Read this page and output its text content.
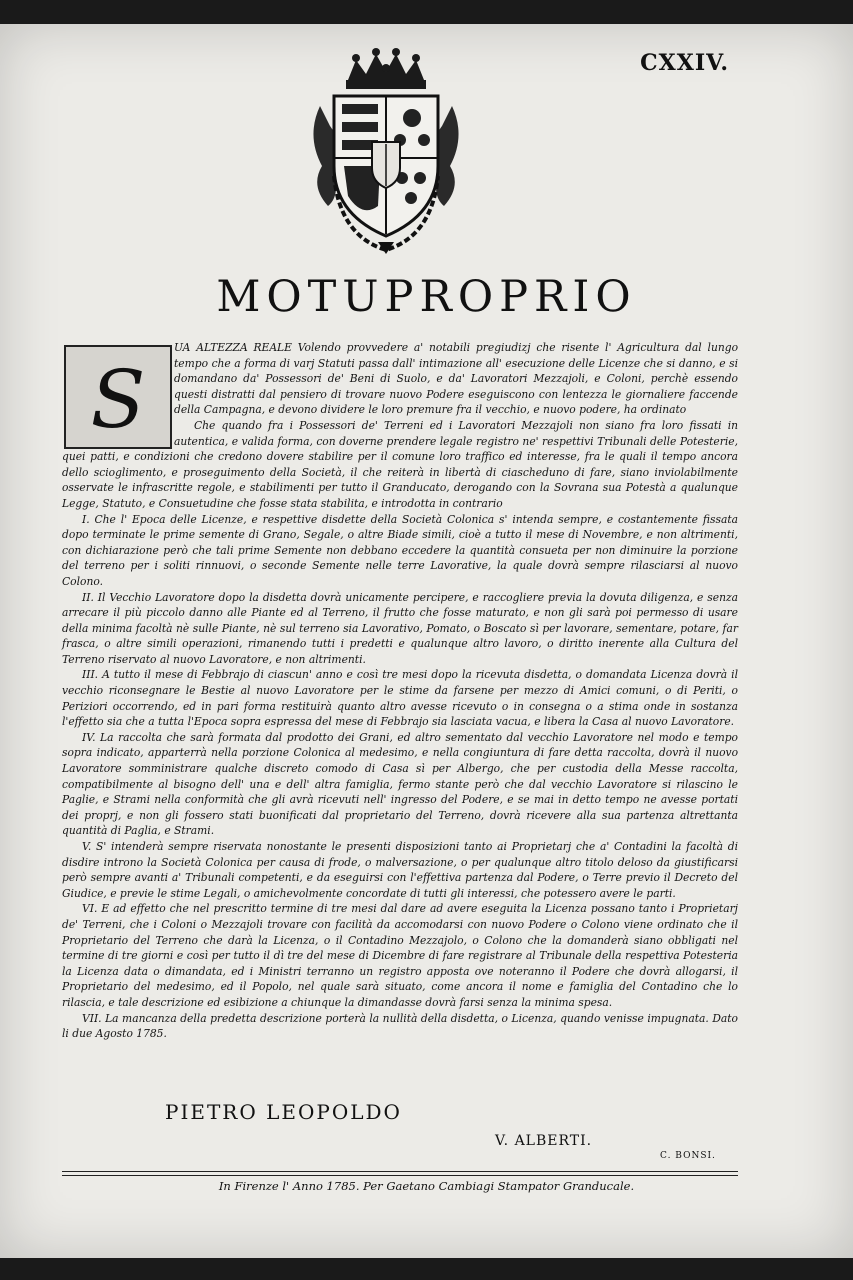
CXXIV.
MOTUPROPRIO
S

UA ALTEZZA REALE Volendo provvedere a' notabili pregiudizj che risente l' Agricultura dal lungo tempo che a forma di varj Statuti passa dall' intimazione all' esecuzione delle Licenze che si danno, e si domandano da' Possessori de' Beni di Suolo, e da' Lavoratori Mezzajoli, e Coloni, perchè essendo questi distratti dal pensiero di trovare nuovo Podere eseguiscono con lentezza le giornaliere faccende della Campagna, e devono dividere le loro premure fra il vecchio, e nuovo podere, ha ordinato

Che quando fra i Possessori de' Terreni ed i Lavoratori Mezzajoli non siano fra loro fissati in autentica, e valida forma, con doverne prendere legale registro ne' respettivi Tribunali delle Potesterie, quei patti, e condizioni che credono dovere stabilire per il comune loro traffico ed interesse, fra le quali il tempo ancora dello scioglimento, e proseguimento della Società, il che reiterà in libertà di ciascheduno di fare, siano inviolabilmente osservate le infrascritte regole, e stabilimenti per tutto il Granducato, derogando con la Sovrana sua Potestà a qualunque Legge, Statuto, e Consuetudine che fosse stata stabilita, e introdotta in contrario

I. Che l' Epoca delle Licenze, e respettive disdette della Società Colonica s' intenda sempre, e costantemente fissata dopo terminate le prime semente di Grano, Segale, o altre Biade simili, cioè a tutto il mese di Novembre, e non altrimenti, con dichiarazione però che tali prime Semente non debbano eccedere la quantità consueta per non diminuire la porzione del terreno per i soliti rinnuovi, o seconde Semente nelle terre Lavorative, la quale dovrà sempre rilasciarsi al nuovo Colono.

II. Il Vecchio Lavoratore dopo la disdetta dovrà unicamente percipere, e raccogliere previa la dovuta diligenza, e senza arrecare il più piccolo danno alle Piante ed al Terreno, il frutto che fosse maturato, e non gli sarà poi permesso di usare della minima facoltà nè sulle Piante, nè sul terreno sia Lavorativo, Pomato, o Boscato sì per lavorare, sementare, potare, far frasca, o altre simili operazioni, rimanendo tutti i predetti e qualunque altro lavoro, o diritto inerente alla Cultura del Terreno riservato al nuovo Lavoratore, e non altrimenti.

III. A tutto il mese di Febbrajo di ciascun' anno e così tre mesi dopo la ricevuta disdetta, o domandata Licenza dovrà il vecchio riconsegnare le Bestie al nuovo Lavoratore per le stime da farsene per mezzo di Amici comuni, o di Periti, o Periziori occorrendo, ed in pari forma restituirà quanto altro avesse ricevuto o in consegna o a stima onde in sostanza l'effetto sia che a tutta l'Epoca sopra espressa del mese di Febbrajo sia lasciata vacua, e libera la Casa al nuovo Lavoratore.

IV. La raccolta che sarà formata dal prodotto dei Grani, ed altro sementato dal vecchio Lavoratore nel modo e tempo sopra indicato, apparterrà nella porzione Colonica al medesimo, e nella congiuntura di fare detta raccolta, dovrà il nuovo Lavoratore somministrare qualche discreto comodo di Casa sì per Albergo, che per custodia della Messe raccolta, compatibilmente al bisogno dell' una e dell' altra famiglia, fermo stante però che dal vecchio Lavoratore si rilascino le Paglie, e Strami nella conformità che gli avrà ricevuti nell' ingresso del Podere, e se mai in detto tempo ne avesse portati dei proprj, e non gli fossero stati buonificati dal proprietario del Terreno, dovrà ricevere alla sua partenza altrettanta quantità di Paglia, e Strami.

V. S' intenderà sempre riservata nonostante le presenti disposizioni tanto ai Proprietarj che a' Contadini la facoltà di disdire introno la Società Colonica per causa di frode, o malversazione, o per qualunque altro titolo deloso da giustificarsi però sempre avanti a' Tribunali competenti, e da eseguirsi con l'effettiva partenza dal Podere, o Terre previo il Decreto del Giudice, e previe le stime Legali, o amichevolmente concordate di tutti gli interessi, che potessero avere le parti.

VI. E ad effetto che nel prescritto termine di tre mesi dal dare ad avere eseguita la Licenza possano tanto i Proprietarj de' Terreni, che i Coloni o Mezzajoli trovare con facilità da accomodarsi con nuovo Podere o Colono viene ordinato che il Proprietario del Terreno che darà la Licenza, o il Contadino Mezzajolo, o Colono che la domanderà siano obbligati nel termine di tre giorni e così per tutto il dì tre del mese di Dicembre di fare registrare al Tribunale della respettiva Potesteria la Licenza data o dimandata, ed i Ministri terranno un registro apposta ove noteranno il Podere che dovrà allogarsi, il Proprietario del medesimo, ed il Popolo, nel quale sarà situato, come ancora il nome e famiglia del Contadino che lo rilascia, e tale descrizione ed esibizione a chiunque la dimandasse dovrà farsi senza la minima spesa.

VII. La mancanza della predetta descrizione porterà la nullità della disdetta, o Licenza, quando venisse impugnata. Dato li due Agosto 1785.

PIETRO LEOPOLDO
V. ALBERTI.
C. BONSI.
In Firenze l' Anno 1785. Per Gaetano Cambiagi Stampator Granducale.
